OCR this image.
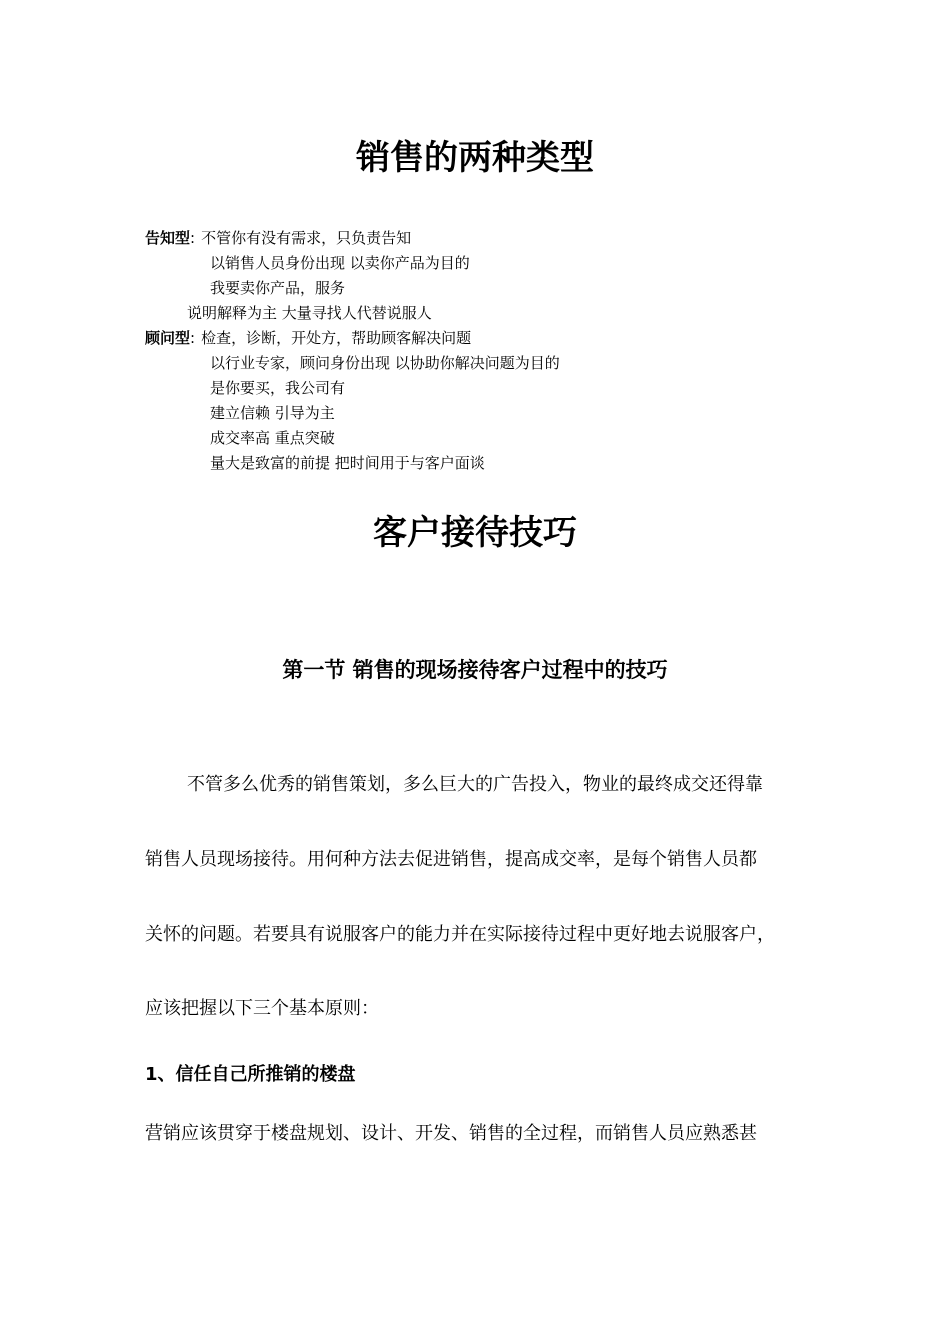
销售的两种类型
告知型: 不管你有没有需求，只负责告知
以销售人员身份出现 以卖你产品为目的
我要卖你产品，服务
说明解释为主 大量寻找人代替说服人
顾问型: 检查，诊断，开处方，帮助顾客解决问题
以行业专家，顾问身份出现 以协助你解决问题为目的
是你要买，我公司有
建立信赖 引导为主
成交率高 重点突破
量大是致富的前提 把时间用于与客户面谈
客户接待技巧
第一节 销售的现场接待客户过程中的技巧
不管多么优秀的销售策划，多么巨大的广告投入，物业的最终成交还得靠
销售人员现场接待。用何种方法去促进销售，提高成交率，是每个销售人员都
关怀的问题。若要具有说服客户的能力并在实际接待过程中更好地去说服客户，
应该把握以下三个基本原则：
1、信任自己所推销的楼盘
营销应该贯穿于楼盘规划、设计、开发、销售的全过程，而销售人员应熟悉甚
